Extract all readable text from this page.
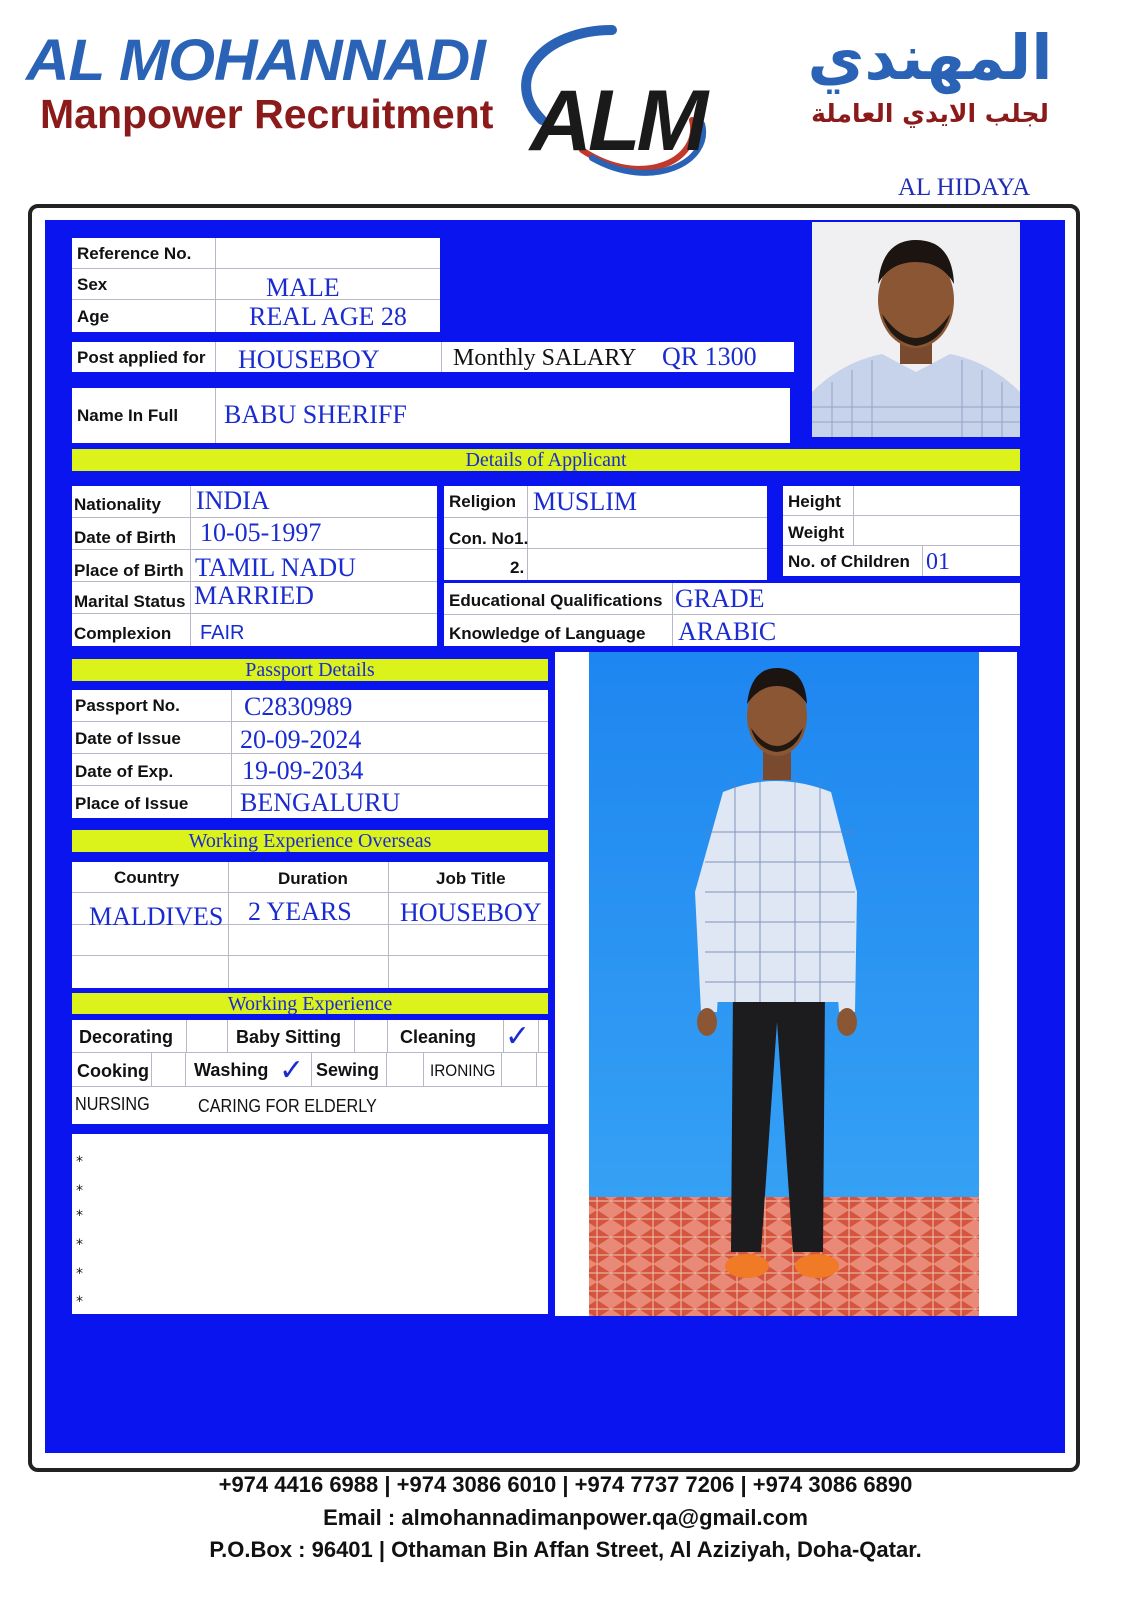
AL MOHANNADI
Manpower Recruitment ALM
المهندي
لجلب الايدي العاملة
AL HIDAYA
Reference No.
Sex	MALE
Age	REAL AGE 28
Post applied for HOUSEBOY	Monthly SALARY QR 1300
Name In Full BABU SHERIFF
Details of Applicant
Nationality INDIA
Date of Birth 10-05-1997
Place of Birth TAMIL NADU
Marital Status MARRIED
Complexion FAIR
Religion MUSLIM
Con. No1.
2.
Height
Weight
No. of Children 01
Educational Qualifications GRADE
Knowledge of Language ARABIC
Passport Details
Passport No. C2830989
Date of Issue 20-09-2024
Date of Exp.	19-09-2034
Place of Issue BENGALURU
Working Experience Overseas
Country	Duration	Job Title
MALDIVES 2 YEARS HOUSEBOY
Working Experience
Decorating	Baby Sitting	Cleaning ✓
Cooking	Washing ✓ Sewing	IRONING
NURSING	CARING FOR ELDERLY
*
*
*
*
*
*
+974 4416 6988 | +974 3086 6010 | +974 7737 7206 | +974 3086 6890
Email : almohannadimanpower.qa@gmail.com
P.O.Box : 96401 | Othaman Bin Affan Street, Al Aziziyah, Doha-Qatar.
